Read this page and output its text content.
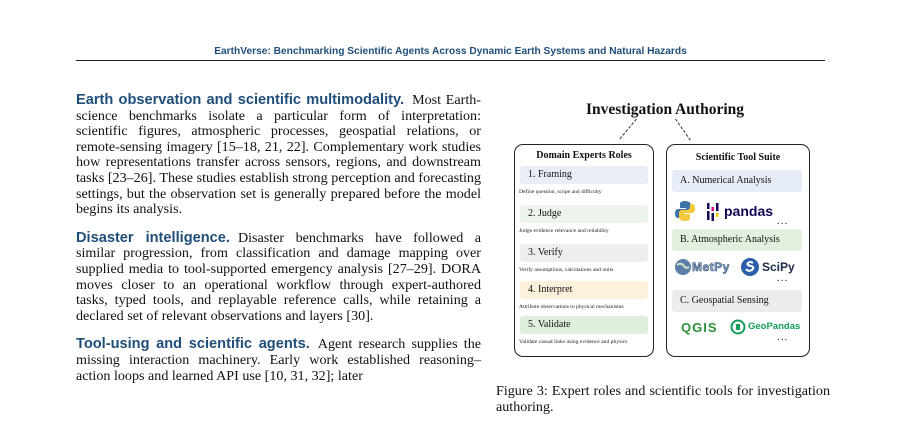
EarthVerse: Benchmarking Scientific Agents Across Dynamic Earth Systems and Natural Hazards

Earth observation and scientific multimodality. Most Earth-science benchmarks isolate a particular form of interpretation: scientific figures, atmospheric processes, geospatial relations, or remote-sensing imagery [15–18, 21, 22]. Complementary work studies how representations transfer across sensors, regions, and downstream tasks [23–26]. These studies establish strong perception and forecasting settings, but the observation set is generally prepared before the model begins its analysis.

Disaster intelligence. Disaster benchmarks have followed a similar progression, from classification and damage mapping over supplied media to tool-supported emergency analysis [27–29]. DORA moves closer to an operational workflow through expert-authored tasks, typed tools, and replayable reference calls, while retaining a declared set of relevant observations and layers [30].

Tool-using and scientific agents. Agent research supplies the missing interaction machinery. Early work established reasoning–action loops and learned API use [10, 31, 32]; later

Investigation Authoring
Domain Experts Roles
1. Framing
Define question, scope and difficulty
2. Judge
Judge evidence relevance and reliability
3. Verify
Verify assumptions, calculations and units
4. Interpret
Attribute observations to physical mechanisms
5. Validate
Validate causal links using evidence and physics
Scientific Tool Suite
A. Numerical Analysis
pandas
...
B. Atmospheric Analysis
MetPy	SciPy
...
C. Geospatial Sensing
QGIS	GeoPandas
...
Figure 3: Expert roles and scientific tools for investigation authoring.
